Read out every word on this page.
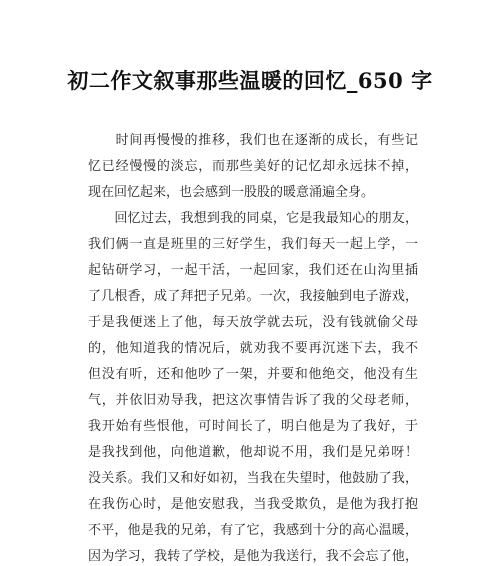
初二作文叙事那些温暖的回忆_650 字
　　时间再慢慢的推移，我们也在逐渐的成长，有些记
忆已经慢慢的淡忘，而那些美好的记忆却永远抹不掉，
现在回忆起来，也会感到一股股的暖意涌遍全身。
　　回忆过去，我想到我的同桌，它是我最知心的朋友，
我们俩一直是班里的三好学生，我们每天一起上学，一
起钻研学习，一起干活，一起回家，我们还在山沟里插
了几根香，成了拜把子兄弟。一次，我接触到电子游戏，
于是我便迷上了他，每天放学就去玩，没有钱就偷父母
的，他知道我的情况后，就劝我不要再沉迷下去，我不
但没有听，还和他吵了一架，并要和他绝交，他没有生
气，并依旧劝导我，把这次事情告诉了我的父母老师，
我开始有些恨他，可时间长了，明白他是为了我好，于
是我找到他，向他道歉，他却说不用，我们是兄弟呀！
没关系。我们又和好如初，当我在失望时，他鼓励了我，
在我伤心时，是他安慰我，当我受欺负，是他为我打抱
不平，他是我的兄弟，有了它，我感到十分的高心温暖，
因为学习，我转了学校，是他为我送行，我不会忘了他，
